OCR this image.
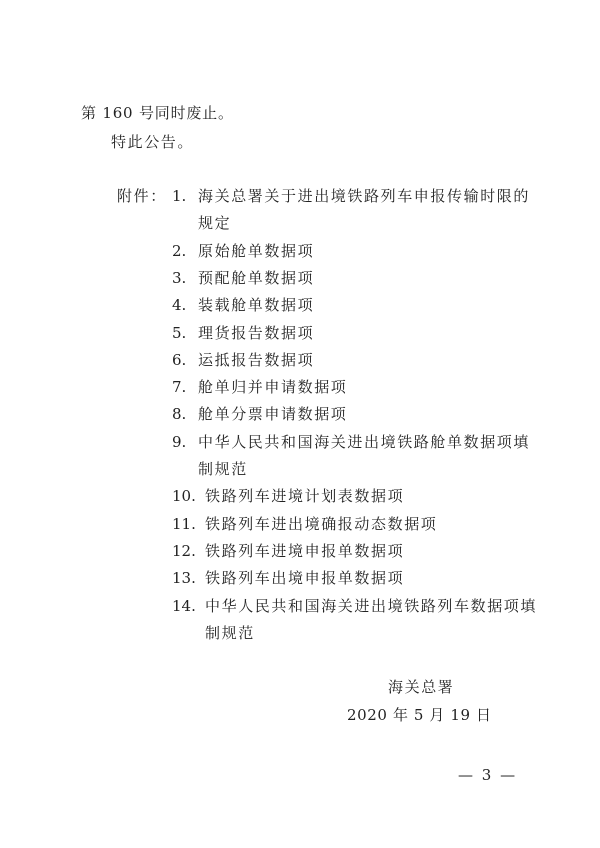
第 160 号同时废止。
特此公告。
附件： 1. 海关总署关于进出境铁路列车申报传输时限的
规定
2. 原始舱单数据项
3. 预配舱单数据项
4. 装载舱单数据项
5. 理货报告数据项
6. 运抵报告数据项
7. 舱单归并申请数据项
8. 舱单分票申请数据项
9. 中华人民共和国海关进出境铁路舱单数据项填
制规范
10. 铁路列车进境计划表数据项
11. 铁路列车进出境确报动态数据项
12. 铁路列车进境申报单数据项
13. 铁路列车出境申报单数据项
14. 中华人民共和国海关进出境铁路列车数据项填
制规范
海关总署
2020 年 5 月 19 日
— 3 —
